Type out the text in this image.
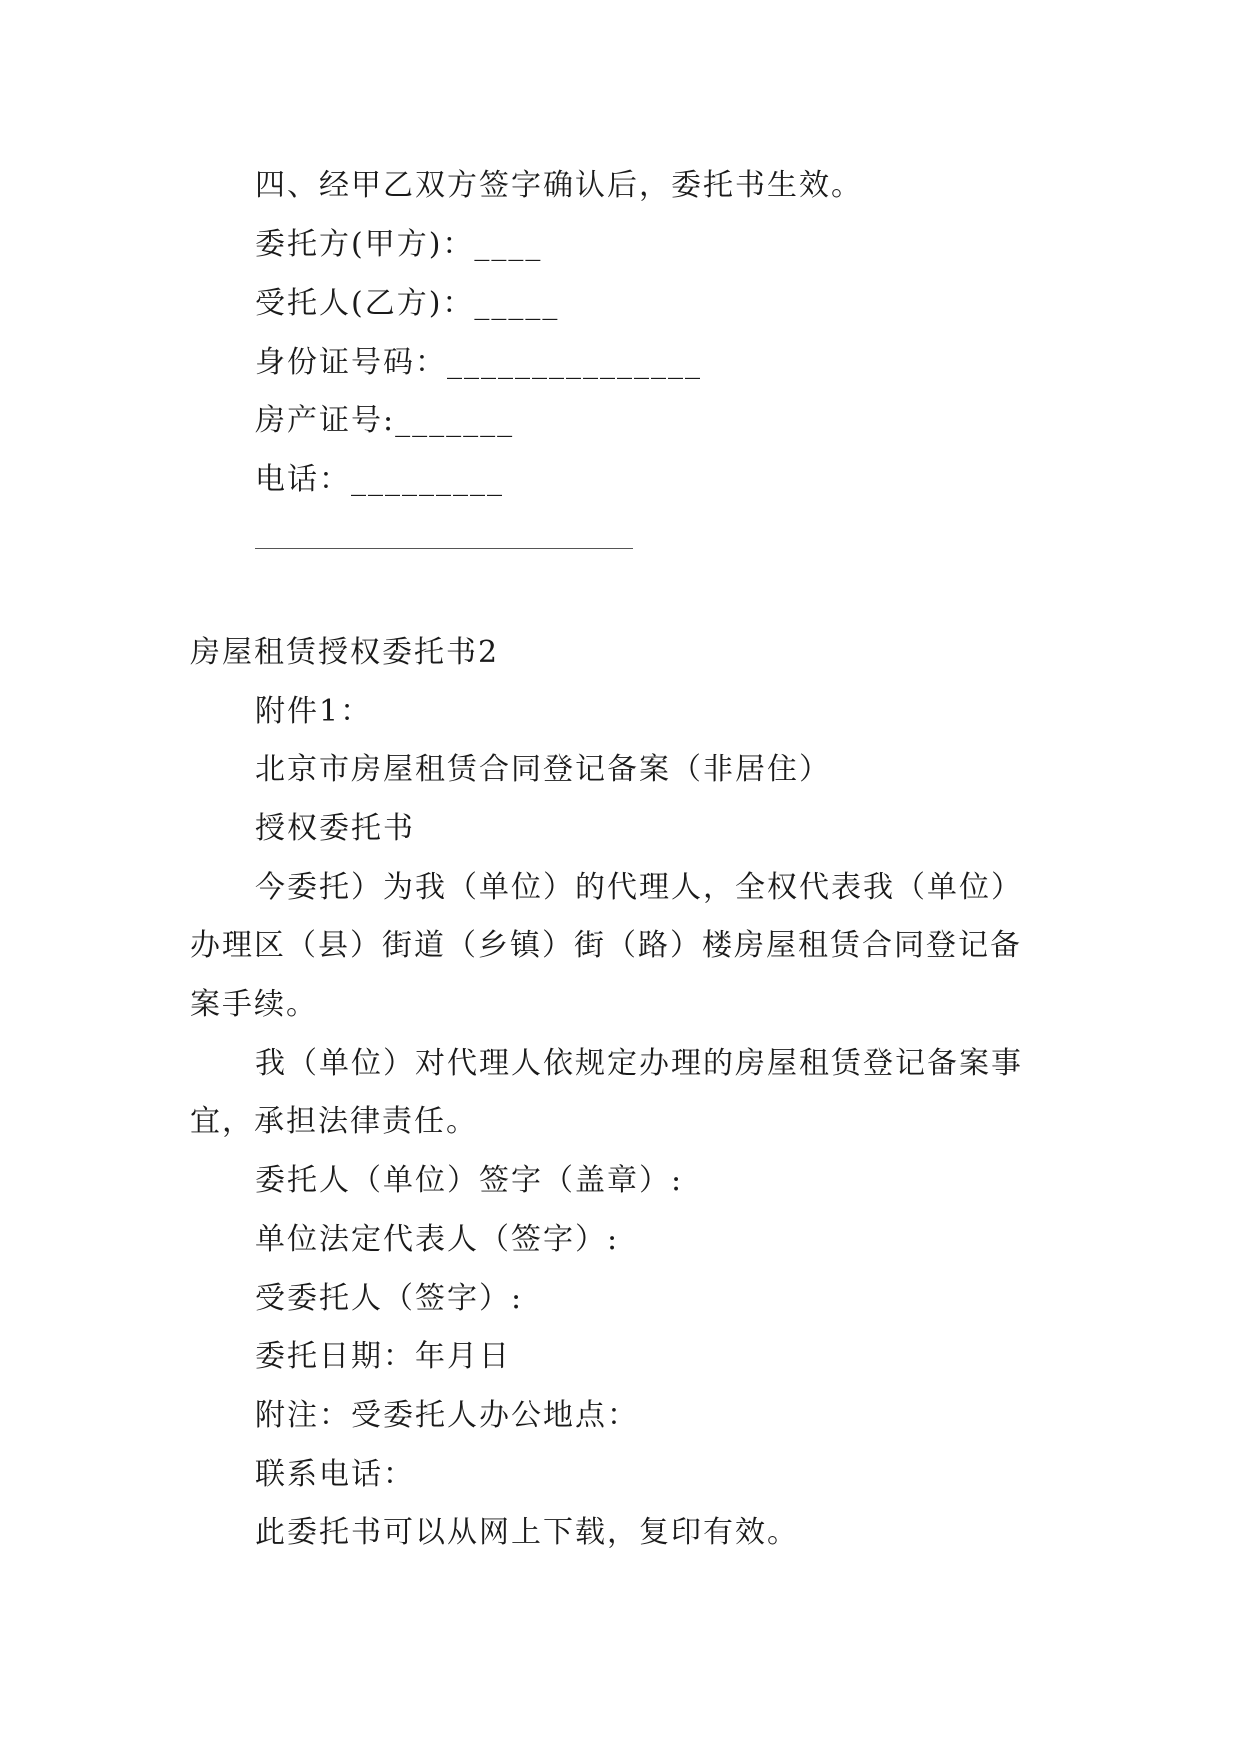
四、经甲乙双方签字确认后，委托书生效。
委托方(甲方)：____
受托人(乙方)：_____
身份证号码：_______________
房产证号:_______
电话：_________
房屋租赁授权委托书2
附件1：
北京市房屋租赁合同登记备案（非居住）
授权委托书
今委托）为我（单位）的代理人，全权代表我（单位）
办理区（县）街道（乡镇）街（路）楼房屋租赁合同登记备
案手续。
我（单位）对代理人依规定办理的房屋租赁登记备案事
宜，承担法律责任。
委托人（单位）签字（盖章）:
单位法定代表人（签字）:
受委托人（签字）:
委托日期：年月日
附注：受委托人办公地点：
联系电话：
此委托书可以从网上下载，复印有效。
